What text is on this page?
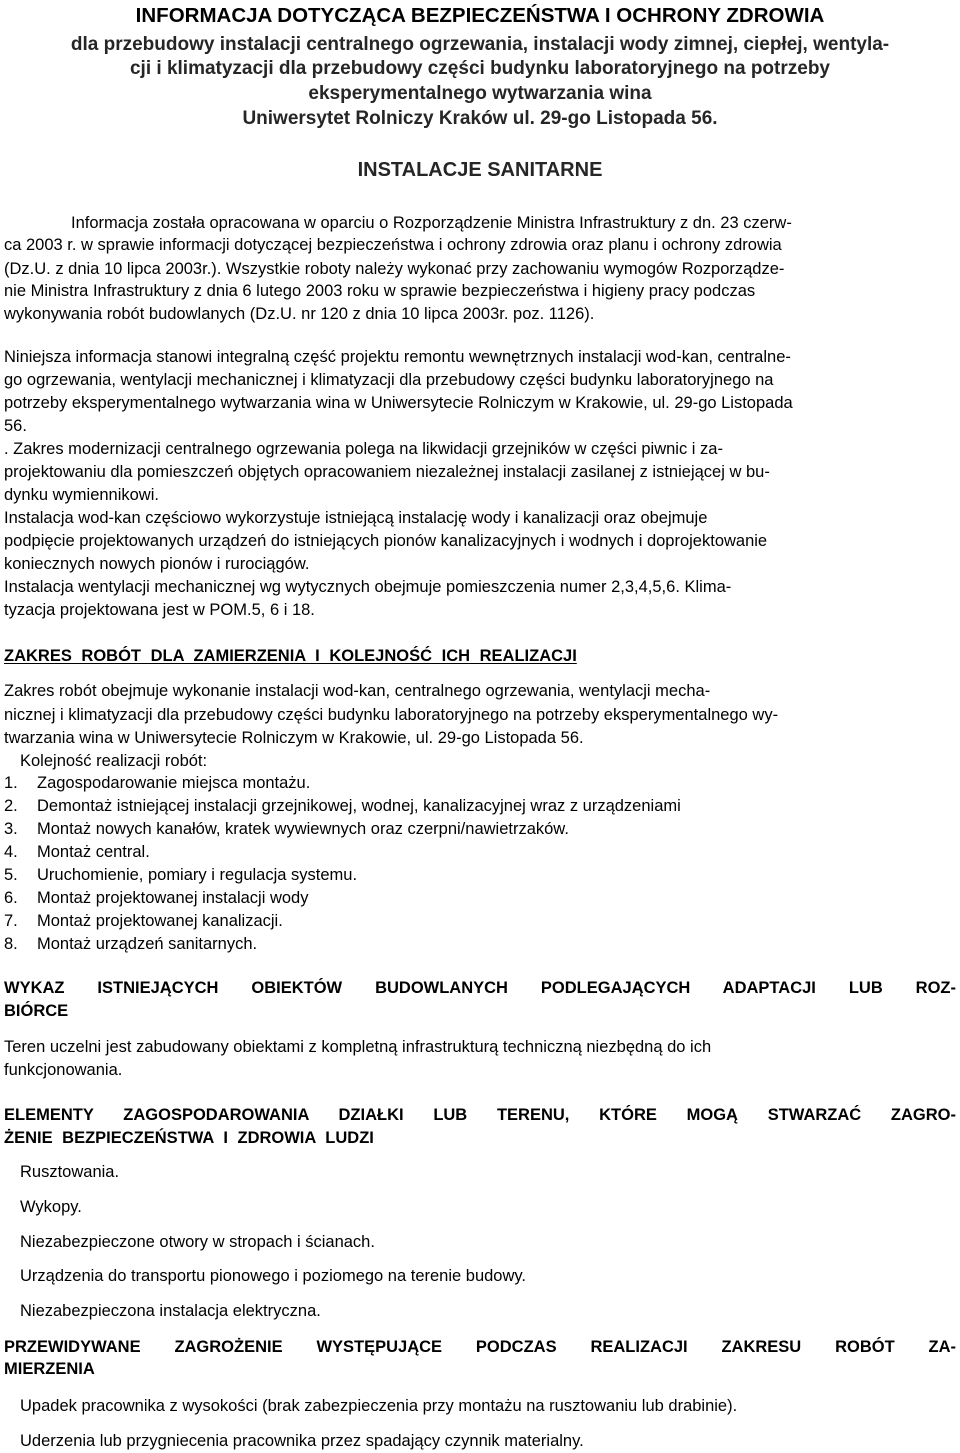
INFORMACJA DOTYCZĄCA BEZPIECZEŃSTWA I OCHRONY ZDROWIA
dla przebudowy instalacji centralnego ogrzewania, instalacji wody zimnej, ciepłej, wentyla-
cji i klimatyzacji dla przebudowy części budynku laboratoryjnego na potrzeby
eksperymentalnego wytwarzania wina
Uniwersytet Rolniczy Kraków ul. 29-go Listopada 56.
INSTALACJE SANITARNE
Informacja została opracowana w oparciu o Rozporządzenie Ministra Infrastruktury z dn. 23 czerw-
ca 2003 r. w sprawie informacji dotyczącej bezpieczeństwa i ochrony zdrowia oraz planu i ochrony zdrowia
(Dz.U. z dnia 10 lipca 2003r.). Wszystkie roboty należy wykonać przy zachowaniu wymogów Rozporządze-
nie Ministra Infrastruktury z dnia 6 lutego 2003 roku w sprawie bezpieczeństwa i higieny pracy podczas
wykonywania robót budowlanych (Dz.U. nr 120 z dnia 10 lipca 2003r. poz. 1126).
Niniejsza informacja stanowi integralną część projektu remontu wewnętrznych instalacji wod-kan, centralne-
go ogrzewania, wentylacji mechanicznej i klimatyzacji dla przebudowy części budynku laboratoryjnego na
potrzeby eksperymentalnego wytwarzania wina w Uniwersytecie Rolniczym w Krakowie, ul. 29-go Listopada
56.
. Zakres modernizacji centralnego ogrzewania polega na likwidacji grzejników w części piwnic i za-
projektowaniu dla pomieszczeń objętych opracowaniem niezależnej instalacji zasilanej z istniejącej w bu-
dynku wymiennikowi.
Instalacja wod-kan częściowo wykorzystuje istniejącą instalację wody i kanalizacji oraz obejmuje
podpięcie projektowanych urządzeń do istniejących pionów kanalizacyjnych i wodnych i doprojektowanie
koniecznych nowych pionów i rurociągów.
Instalacja wentylacji mechanicznej wg wytycznych obejmuje pomieszczenia numer 2,3,4,5,6. Klima-
tyzacja projektowana jest w POM.5, 6 i 18.
ZAKRES ROBÓT DLA ZAMIERZENIA I KOLEJNOŚĆ ICH REALIZACJI
Zakres robót obejmuje wykonanie instalacji wod-kan, centralnego ogrzewania, wentylacji mecha-
nicznej i klimatyzacji dla przebudowy części budynku laboratoryjnego na potrzeby eksperymentalnego wy-
twarzania wina w Uniwersytecie Rolniczym w Krakowie, ul. 29-go Listopada 56.
Kolejność realizacji robót:
1. Zagospodarowanie miejsca montażu.
2. Demontaż istniejącej instalacji grzejnikowej, wodnej, kanalizacyjnej wraz z urządzeniami
3. Montaż nowych kanałów, kratek wywiewnych oraz czerpni/nawietrzaków.
4. Montaż central.
5. Uruchomienie, pomiary i regulacja systemu.
6. Montaż projektowanej instalacji wody
7. Montaż projektowanej kanalizacji.
8. Montaż urządzeń sanitarnych.
WYKAZ ISTNIEJĄCYCH OBIEKTÓW BUDOWLANYCH PODLEGAJĄCYCH ADAPTACJI LUB ROZ-
BIÓRCE
Teren uczelni jest zabudowany obiektami z kompletną infrastrukturą techniczną niezbędną do ich
funkcjonowania.
ELEMENTY ZAGOSPODAROWANIA DZIAŁKI LUB TERENU, KTÓRE MOGĄ STWARZAĆ ZAGRO-
ŻENIE BEZPIECZEŃSTWA I ZDROWIA LUDZI
Rusztowania.
Wykopy.
Niezabezpieczone otwory w stropach i ścianach.
Urządzenia do transportu pionowego i poziomego na terenie budowy.
Niezabezpieczona instalacja elektryczna.
PRZEWIDYWANE ZAGROŻENIE WYSTĘPUJĄCE PODCZAS REALIZACJI ZAKRESU ROBÓT ZA-
MIERZENIA
Upadek pracownika z wysokości (brak zabezpieczenia przy montażu na rusztowaniu lub drabinie).
Uderzenia lub przygniecenia pracownika przez spadający czynnik materialny.
